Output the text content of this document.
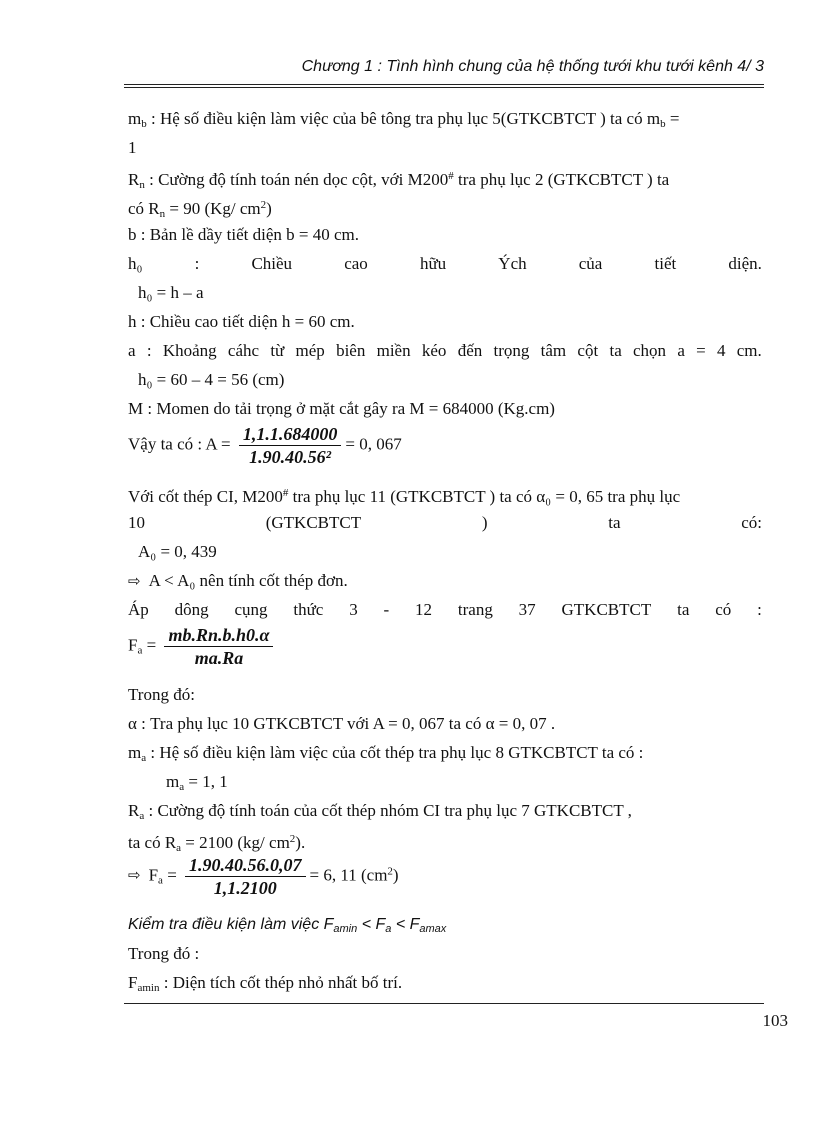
Chương 1 : Tình hình chung của hệ thống tưới khu tưới kênh 4/ 3
$m_b$ : Hệ số điều kiện làm việc của bê tông tra phụ lục 5(GTKCBTCT ) ta có $m_b$ =
1
$R_n$ : Cường độ tính toán nén dọc cột, với M200# tra phụ lục 2 (GTKCBTCT ) ta
có $R_n = 90$ (Kg/ $cm^2$)
b : Bản lề dầy tiết diện b = 40 cm.
h₀	:	Chiều	cao	hữu	Ých	của	tiết	diện.
h₀ = h – a
h : Chiều cao tiết diện h = 60 cm.
a : Khoảng cáhc từ mép biên miền kéo đến trọng tâm cột ta chọn a = 4 cm.
h₀ = 60 – 4 = 56 (cm)
M : Momen do tải trọng ở mặt cắt gây ra M = 684000 (Kg.cm)
Vậy ta có : $A = \frac{1,1.1.684000}{\text{1.90.40.56²}} = 0$, 067
Với cốt thép CI, M200# tra phụ lục 11 (GTKCBTCT ) ta có α₀ = 0, 65 tra phụ lục
10	(GTKCBTCT	)	ta	có:
A₀ = 0, 439
⇨ A < A₀ nên tính cốt thép đơn.
Áp dông cụng thức 3 - 12 trang 37 GTKCBTCT ta có :
$F_a = \frac{mb.Rn.b.h0.\alpha}{ma.Ra}$
Trong đó:
α : Tra phụ lục 10 GTKCBTCT với A = 0, 067 ta có α = 0, 07 .
$m_a$ : Hệ số điều kiện làm việc của cốt thép tra phụ lục 8 GTKCBTCT ta có :
$m_a = 1$, 1
$R_a$ : Cường độ tính toán của cốt thép nhóm CI tra phụ lục 7 GTKCBTCT ,
ta có $R_a = 2100$ (kg/ $cm^2$).
⇨ $F_a = \frac{1.90.40.56.0,07}{1,1.2100} = 6$, 11 $(cm^2)$
Kiểm tra điều kiện làm việc $F_{amin} < F_a < F_{amax}$
Trong đó :
$F_{amin}$ : Diện tích cốt thép nhỏ nhất bố trí.
103
